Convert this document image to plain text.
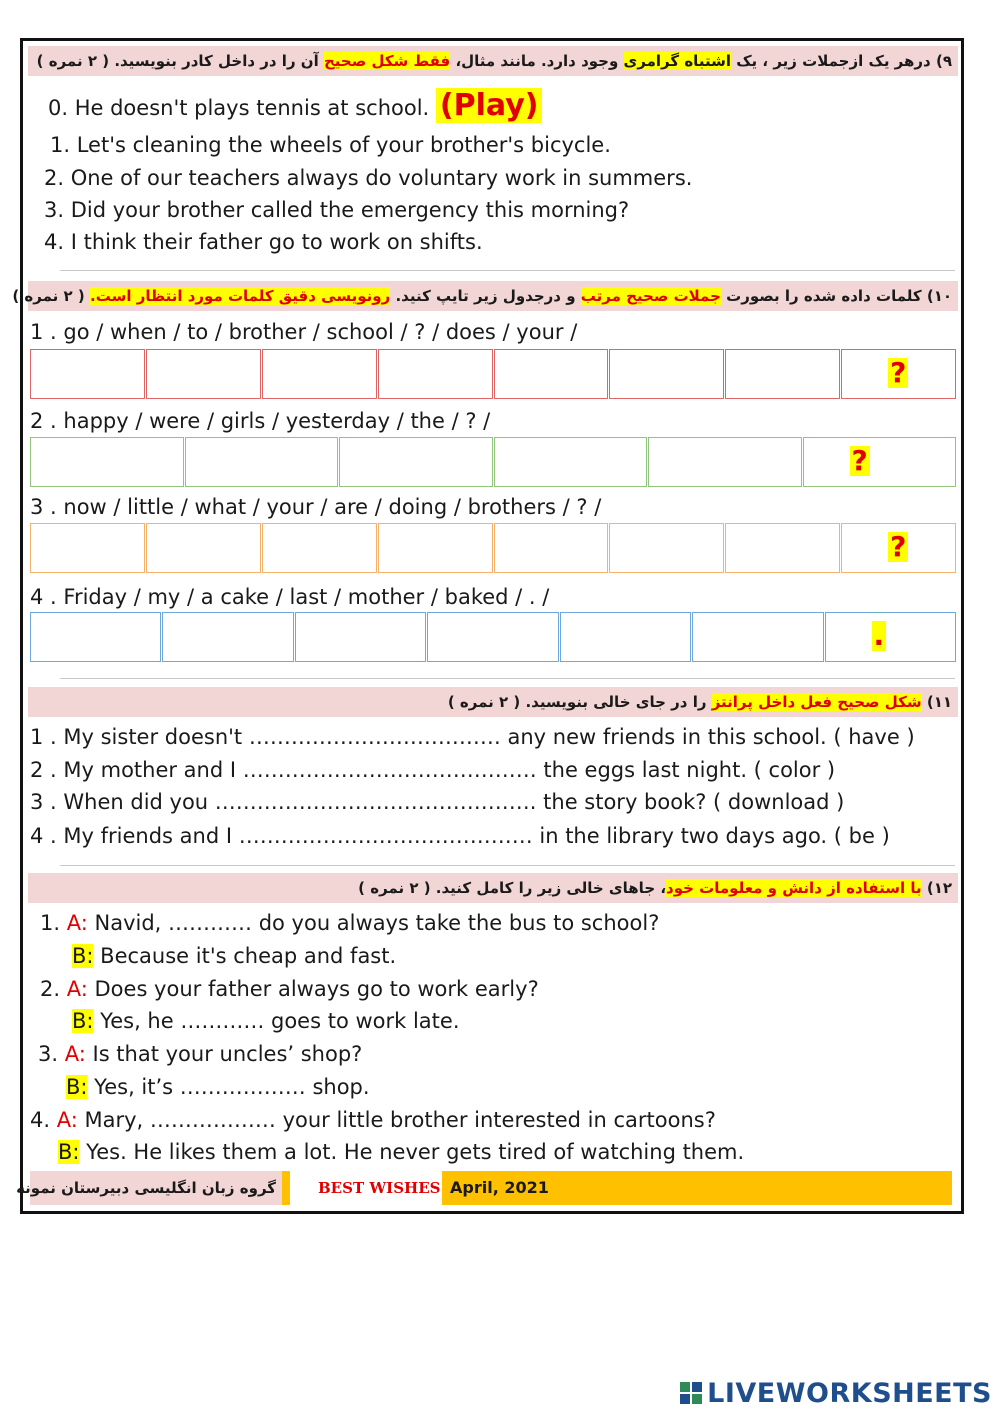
۹) درهر یک ازجملات زیر ، یک اشتباه گرامری وجود دارد. مانند مثال، فقط شکل صحیح آن را در داخل کادر بنویسید. ( ۲ نمره )
0. He doesn't plays tennis at school. (Play)
1. Let's cleaning the wheels of your brother's bicycle.
2. One of our teachers always do voluntary work in summers.
3. Did your brother called the emergency this morning?
4. I think their father go to work on shifts.
۱۰) کلمات داده شده را بصورت جملات صحیح مرتب و درجدول زیر تایپ کنید. رونویسی دقیق کلمات مورد انتظار است. ( ۲ نمره )
1 . go / when / to / brother / school / ? / does / your /
?
2 . happy / were / girls / yesterday / the / ? /
?
3 . now / little / what / your / are / doing / brothers / ? /
?
4 . Friday / my / a cake / last / mother / baked / . /
.
۱۱) شکل صحیح فعل داخل پرانتز را در جای خالی بنویسید. ( ۲ نمره )
1 . My sister doesn't ……………………………… any new friends in this school. ( have )
2 . My mother and I …………………………………… the eggs last night. ( color )
3 . When did you ………………………………………. the story book? ( download )
4 . My friends and I …………………………………… in the library two days ago. ( be )
۱۲) با استفاده از دانش و معلومات خود، جاهای خالی زیر را کامل کنید. ( ۲ نمره )
1. A: Navid, ………… do you always take the bus to school?
B: Because it's cheap and fast.
2. A: Does your father always go to work early?
B: Yes, he ………… goes to work late.
3. A: Is that your uncles’ shop?
B: Yes, it’s ……………… shop.
4. A: Mary, ……………… your little brother interested in cartoons?
B: Yes. He likes them a lot. He never gets tired of watching them.
گروه زبان انگلیسی دبیرستان نمونه	BEST WISHES April, 2021
LIVEWORKSHEETS
